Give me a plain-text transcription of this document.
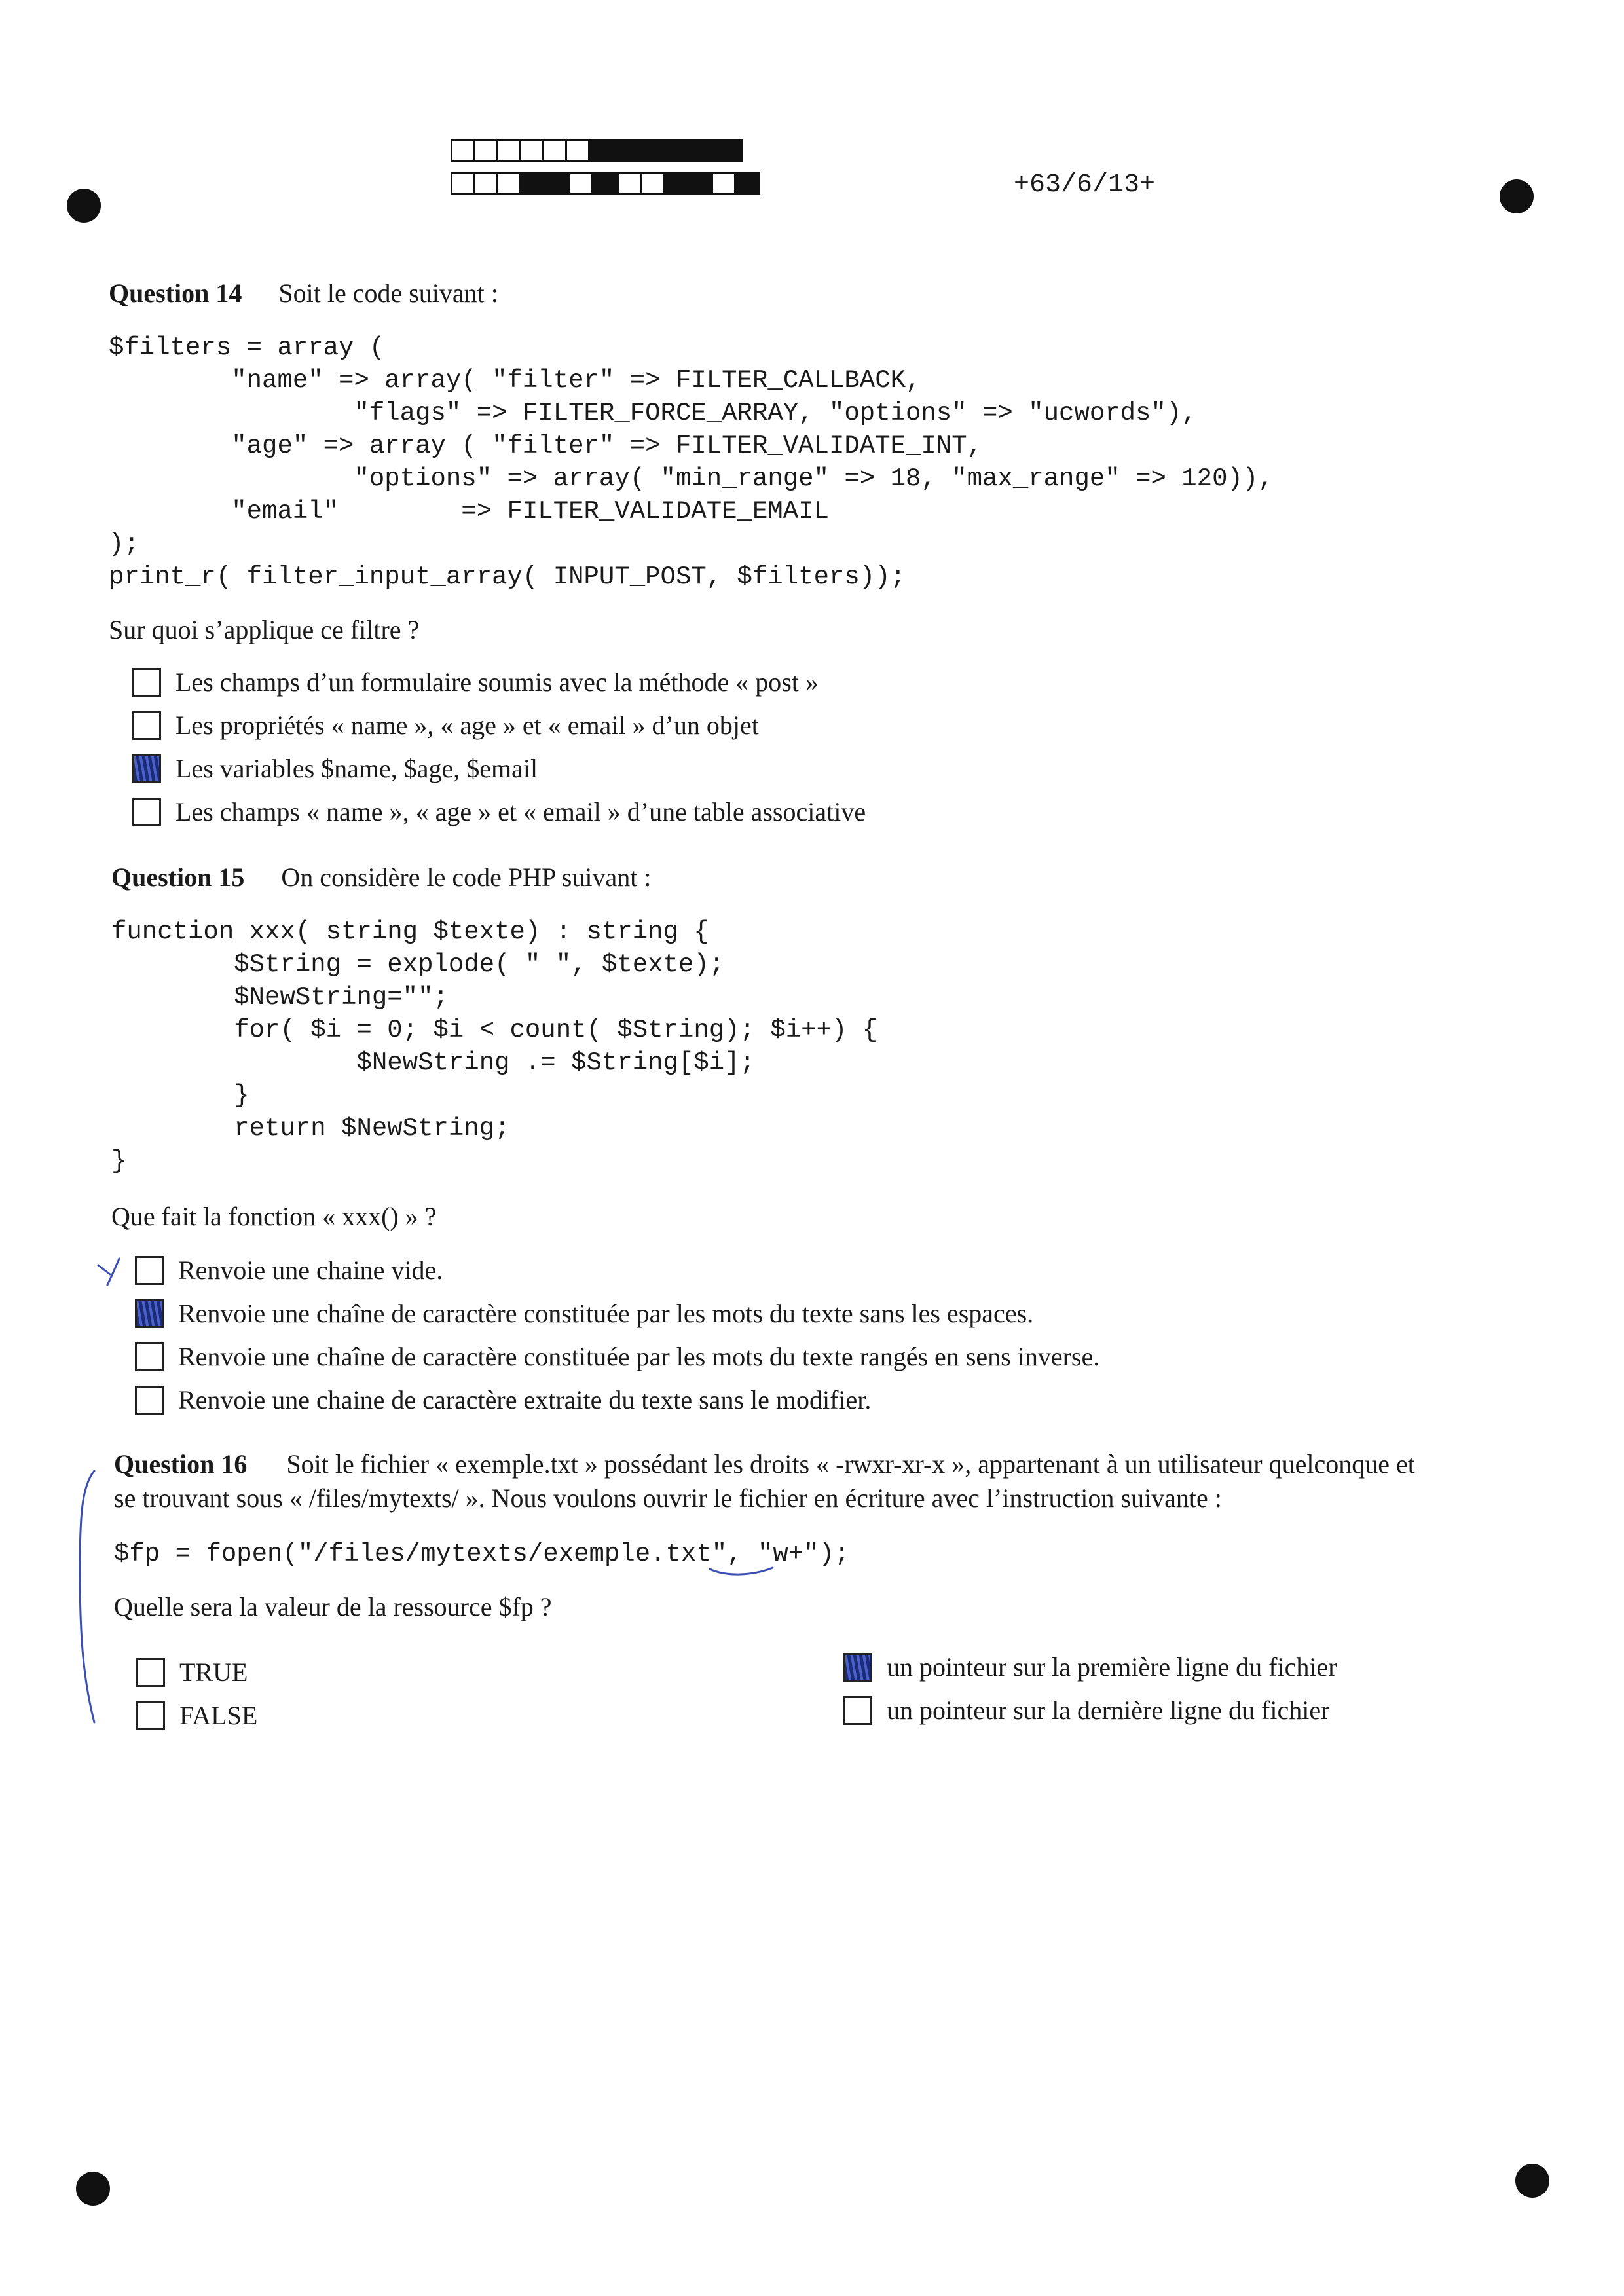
+63/6/13+
Question 14 Soit le code suivant :
$filters = array (
"name" => array( "filter" => FILTER_CALLBACK,
"flags" => FILTER_FORCE_ARRAY, "options" => "ucwords"),
"age" => array ( "filter" => FILTER_VALIDATE_INT,
"options" => array( "min_range" => 18, "max_range" => 120)),
"email"        => FILTER_VALIDATE_EMAIL
);
print_r( filter_input_array( INPUT_POST, $filters));
Sur quoi s’applique ce filtre ?
Les champs d’un formulaire soumis avec la méthode « post »
Les propriétés « name », « age » et « email » d’un objet
Les variables $name, $age, $email
Les champs « name », « age » et « email » d’une table associative
Question 15 On considère le code PHP suivant :
function xxx( string $texte) : string {
$String = explode( " ", $texte);
$NewString="";
for( $i = 0; $i < count( $String); $i++) {
$NewString .= $String[$i];
}
return $NewString;
}
Que fait la fonction « xxx() » ?
Renvoie une chaine vide.
Renvoie une chaîne de caractère constituée par les mots du texte sans les espaces.
Renvoie une chaîne de caractère constituée par les mots du texte rangés en sens inverse.
Renvoie une chaine de caractère extraite du texte sans le modifier.
Question 16 Soit le fichier « exemple.txt » possédant les droits « -rwxr-xr-x », appartenant à un utilisateur quelconque et
se trouvant sous « /files/mytexts/ ». Nous voulons ouvrir le fichier en écriture avec l’instruction suivante :
$fp = fopen("/files/mytexts/exemple.txt", "w+");
Quelle sera la valeur de la ressource $fp ?
TRUE
FALSE
un pointeur sur la première ligne du fichier
un pointeur sur la dernière ligne du fichier
